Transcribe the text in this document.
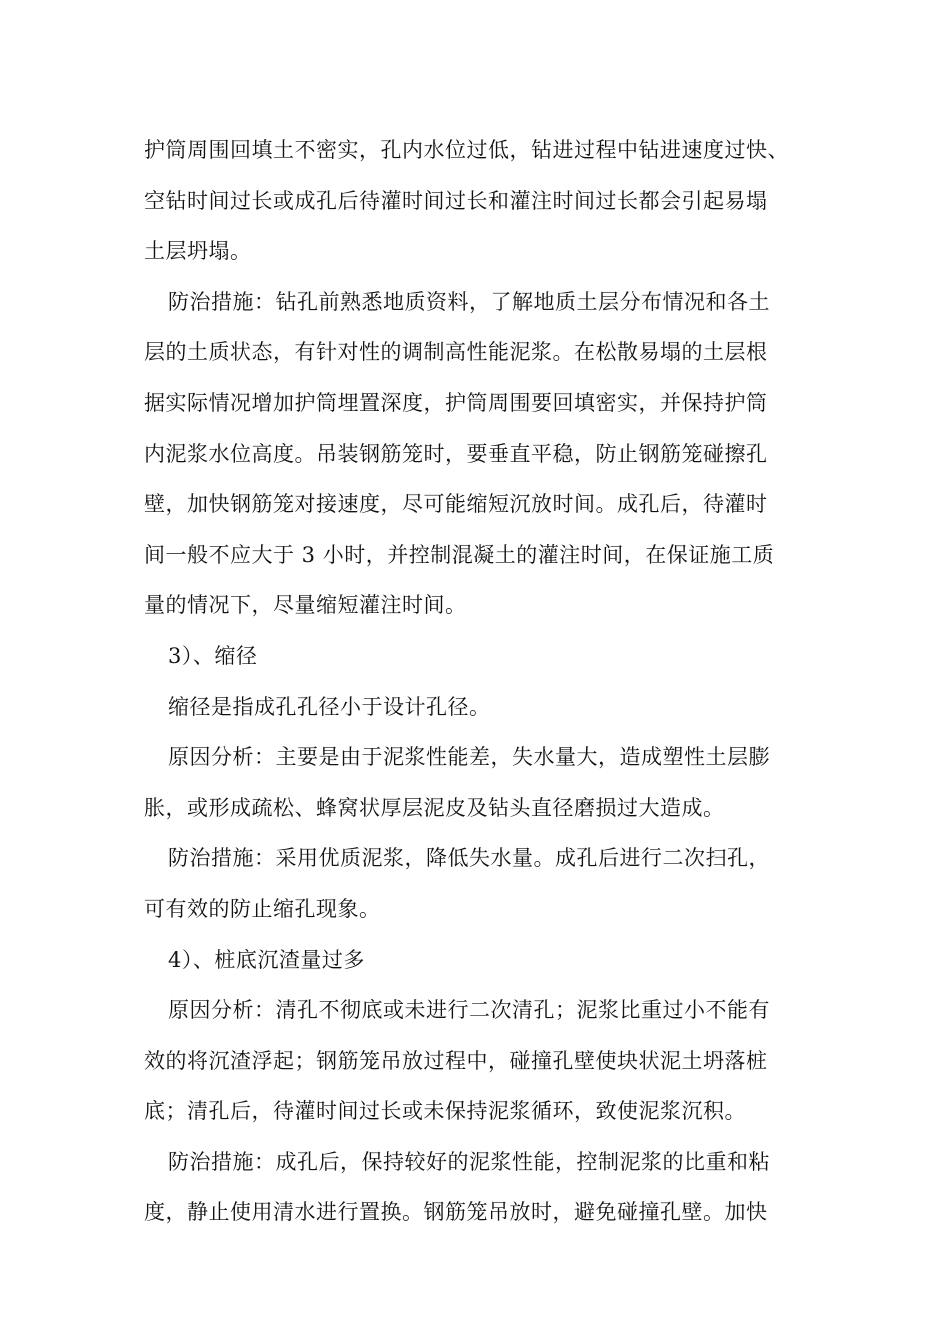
护筒周围回填土不密实，孔内水位过低，钻进过程中钻进速度过快、
空钻时间过长或成孔后待灌时间过长和灌注时间过长都会引起易塌
土层坍塌。
防治措施：钻孔前熟悉地质资料，了解地质土层分布情况和各土
层的土质状态，有针对性的调制高性能泥浆。在松散易塌的土层根
据实际情况增加护筒埋置深度，护筒周围要回填密实，并保持护筒
内泥浆水位高度。吊装钢筋笼时，要垂直平稳，防止钢筋笼碰擦孔
壁，加快钢筋笼对接速度，尽可能缩短沉放时间。成孔后，待灌时
间一般不应大于 3 小时，并控制混凝土的灌注时间，在保证施工质
量的情况下，尽量缩短灌注时间。
3）、缩径
缩径是指成孔孔径小于设计孔径。
原因分析：主要是由于泥浆性能差，失水量大，造成塑性土层膨
胀，或形成疏松、蜂窝状厚层泥皮及钻头直径磨损过大造成。
防治措施：采用优质泥浆，降低失水量。成孔后进行二次扫孔，
可有效的防止缩孔现象。
4）、桩底沉渣量过多
原因分析：清孔不彻底或未进行二次清孔；泥浆比重过小不能有
效的将沉渣浮起；钢筋笼吊放过程中，碰撞孔壁使块状泥土坍落桩
底；清孔后，待灌时间过长或未保持泥浆循环，致使泥浆沉积。
防治措施：成孔后，保持较好的泥浆性能，控制泥浆的比重和粘
度，静止使用清水进行置换。钢筋笼吊放时，避免碰撞孔壁。加快
